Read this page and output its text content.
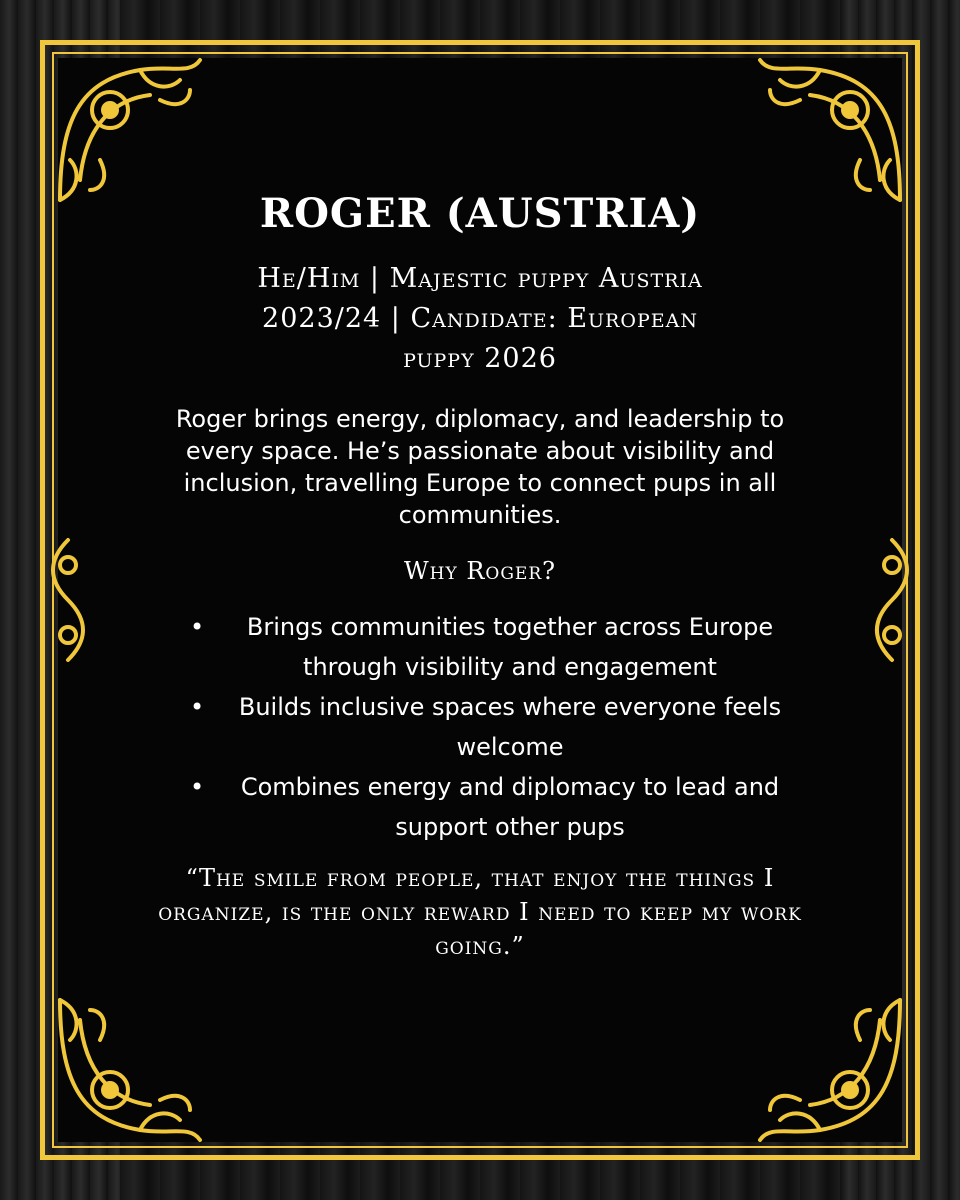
ROGER (AUSTRIA)
He/Him | Majestic puppy Austria
2023/24 | Candidate: European
puppy 2026

Roger brings energy, diplomacy, and leadership to every space. He’s passionate about visibility and inclusion, travelling Europe to connect pups in all communities.

Why Roger?
• Brings communities together across Europe through visibility and engagement
• Builds inclusive spaces where everyone feels welcome
• Combines energy and diplomacy to lead and support other pups
“The smile from people, that enjoy the things I organize, is the only reward I need to keep my work going.”
